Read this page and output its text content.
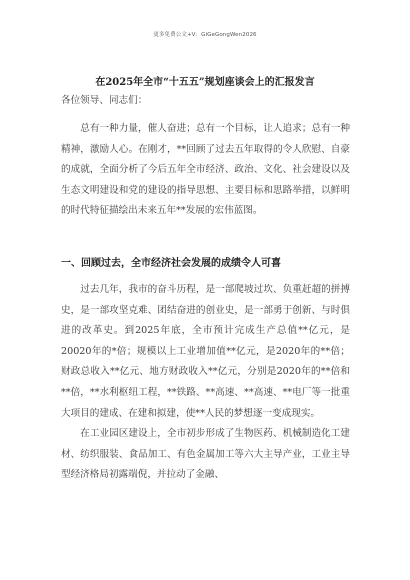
更多免费公文+V：GiGeGongWen2026
在2025年全市“十五五”规划座谈会上的汇报发言
各位领导、同志们：

总有一种力量，催人奋进；总有一个目标，让人追求；总有一种精神，激励人心。在刚才，**回顾了过去五年取得的令人欣慰、自豪的成就，全面分析了今后五年全市经济、政治、文化、社会建设以及生态文明建设和党的建设的指导思想、主要目标和思路举措，以鲜明的时代特征描绘出未来五年**发展的宏伟蓝图。

一、回顾过去，全市经济社会发展的成绩令人可喜

过去几年，我市的奋斗历程，是一部爬坡过坎、负重赶超的拼搏史，是一部攻坚克难、团结奋进的创业史，是一部勇于创新、与时俱进的改革史。到2025年底，全市预计完成生产总值**亿元，是20020年的*倍；规模以上工业增加值**亿元，是2020年的**倍；财政总收入**亿元、地方财政收入**亿元，分别是2020年的**倍和**倍，**水利枢纽工程，**铁路、**高速、**高速、**电厂等一批重大项目的建成、在建和拟建，使**人民的梦想逐一变成现实。

在工业园区建设上，全市初步形成了生物医药、机械制造化工建材、纺织服装、食品加工、有色金属加工等六大主导产业，工业主导型经济格局初露端倪，并拉动了金融、
